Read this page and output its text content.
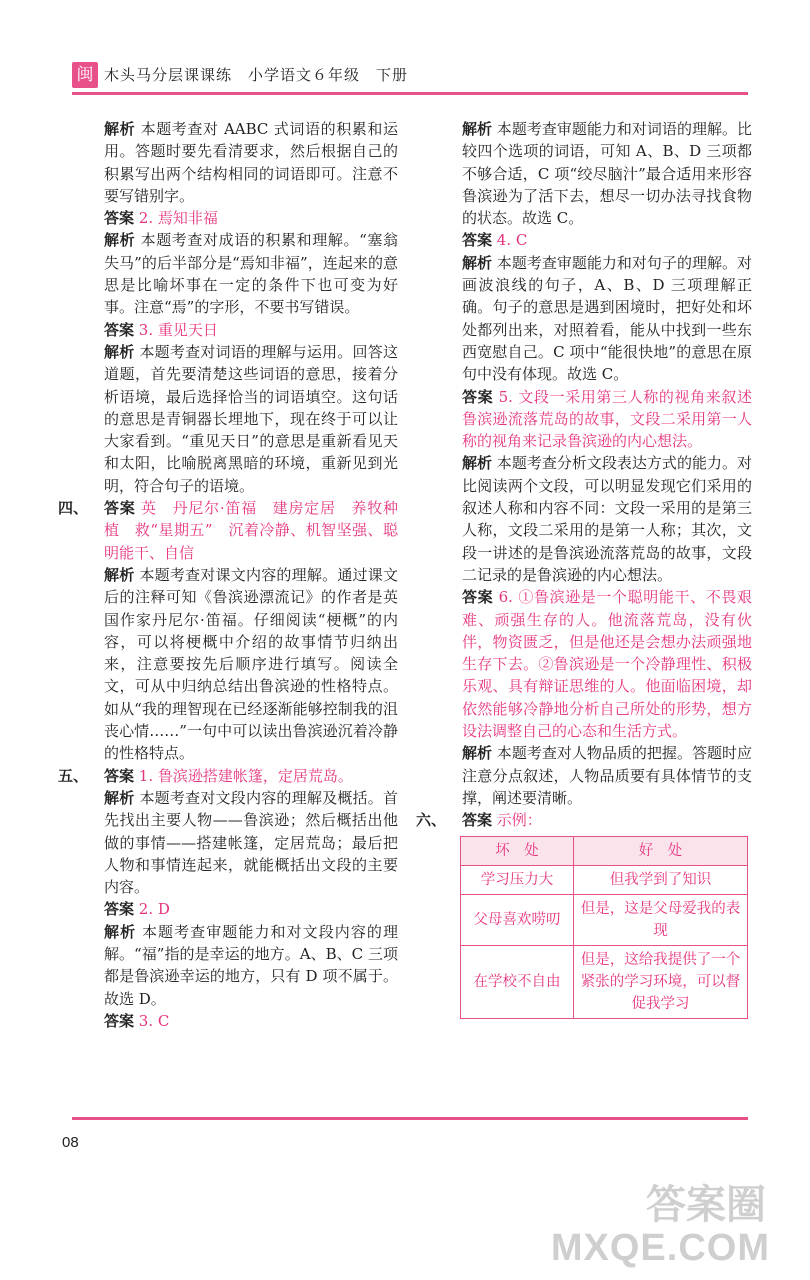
闽 木头马分层课课练　小学语文６年级　下册

解析 本题考查对 AABC 式词语的积累和运用。答题时要先看清要求，然后根据自己的积累写出两个结构相同的词语即可。注意不要写错别字。

答案 2. 焉知非福

解析 本题考查对成语的积累和理解。“塞翁失马”的后半部分是“焉知非福”，连起来的意思是比喻坏事在一定的条件下也可变为好事。注意“焉”的字形，不要书写错误。

答案 3. 重见天日

解析 本题考查对词语的理解与运用。回答这道题，首先要清楚这些词语的意思，接着分析语境，最后选择恰当的词语填空。这句话的意思是青铜器长埋地下，现在终于可以让大家看到。“重见天日”的意思是重新看见天和太阳，比喻脱离黑暗的环境，重新见到光明，符合句子的语境。

四、 答案 英　丹尼尔·笛福　建房定居　养牧种植　救“星期五”　沉着冷静、机智坚强、聪明能干、自信

解析 本题考查对课文内容的理解。通过课文后的注释可知《鲁滨逊漂流记》的作者是英国作家丹尼尔·笛福。仔细阅读“梗概”的内容，可以将梗概中介绍的故事情节归纳出来，注意要按先后顺序进行填写。阅读全文，可从中归纳总结出鲁滨逊的性格特点。如从“我的理智现在已经逐渐能够控制我的沮丧心情……”一句中可以读出鲁滨逊沉着冷静的性格特点。

五、 答案 1. 鲁滨逊搭建帐篷，定居荒岛。

解析 本题考查对文段内容的理解及概括。首先找出主要人物——鲁滨逊；然后概括出他做的事情——搭建帐篷，定居荒岛；最后把人物和事情连起来，就能概括出文段的主要内容。

答案 2. D

解析 本题考查审题能力和对文段内容的理解。“福”指的是幸运的地方。A、B、C 三项都是鲁滨逊幸运的地方，只有 D 项不属于。故选 D。

答案 3. C

解析 本题考查审题能力和对词语的理解。比较四个选项的词语，可知 A、B、D 三项都不够合适，C 项“绞尽脑汁”最合适用来形容鲁滨逊为了活下去，想尽一切办法寻找食物的状态。故选 C。

答案 4. C

解析 本题考查审题能力和对句子的理解。对画波浪线的句子，A、B、D 三项理解正确。句子的意思是遇到困境时，把好处和坏处都列出来，对照着看，能从中找到一些东西宽慰自己。C 项中“能很快地”的意思在原句中没有体现。故选 C。

答案 5. 文段一采用第三人称的视角来叙述鲁滨逊流落荒岛的故事，文段二采用第一人称的视角来记录鲁滨逊的内心想法。

解析 本题考查分析文段表达方式的能力。对比阅读两个文段，可以明显发现它们采用的叙述人称和内容不同：文段一采用的是第三人称，文段二采用的是第一人称；其次，文段一讲述的是鲁滨逊流落荒岛的故事，文段二记录的是鲁滨逊的内心想法。

答案 6. ①鲁滨逊是一个聪明能干、不畏艰难、顽强生存的人。他流落荒岛，没有伙伴，物资匮乏，但是他还是会想办法顽强地生存下去。②鲁滨逊是一个冷静理性、积极乐观、具有辩证思维的人。他面临困境，却依然能够冷静地分析自己所处的形势，想方设法调整自己的心态和生活方式。

解析 本题考查对人物品质的把握。答题时应注意分点叙述，人物品质要有具体情节的支撑，阐述要清晰。

六、 答案 示例：

坏　处	好　处
学习压力大	但我学到了知识
父母喜欢唠叨	但是，这是父母爱我的表现
在学校不自由	但是，这给我提供了一个紧张的学习环境，可以督促我学习
08
答案圈
MXQE.COM
